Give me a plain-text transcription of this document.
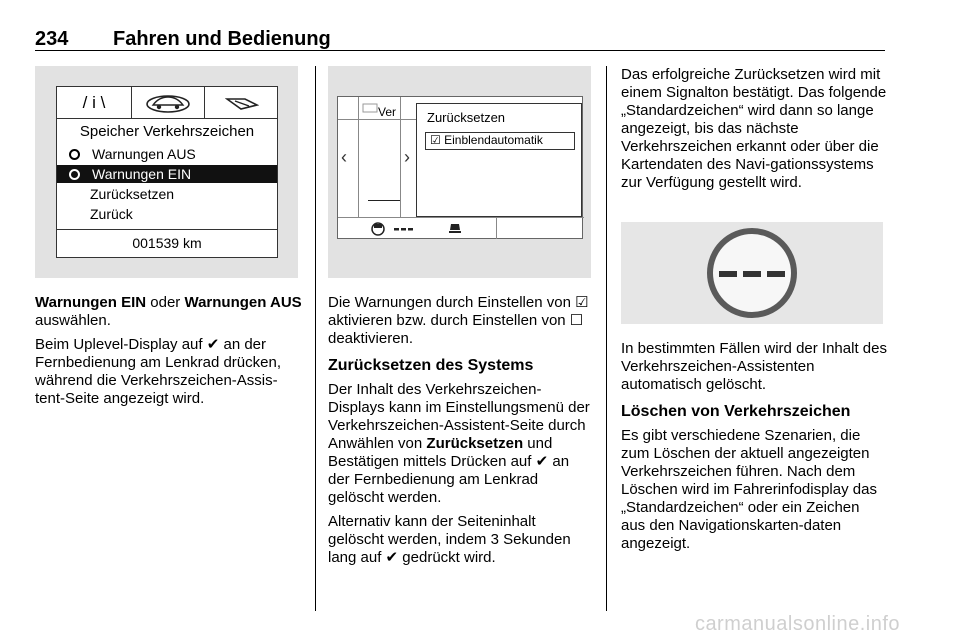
234 Fahren und Bedienung
/ i \
Speicher Verkehrszeichen
Warnungen AUS
Warnungen EIN
Zurücksetzen
Zurück
001539 km
Ver
‹	›
Zurücksetzen
☑ Einblendautomatik

Warnungen EIN oder Warnungen AUS auswählen.

Beim Uplevel-Display auf ✔ an der Fernbedienung am Lenkrad drücken, während die Verkehrszeichen-Assis-tent-Seite angezeigt wird.

Die Warnungen durch Einstellen von ☑ aktivieren bzw. durch Einstellen von ☐ deaktivieren.

Zurücksetzen des Systems

Der Inhalt des Verkehrszeichen-Displays kann im Einstellungsmenü der Verkehrszeichen-Assistent-Seite durch Anwählen von Zurücksetzen und Bestätigen mittels Drücken auf ✔ an der Fernbedienung am Lenkrad gelöscht werden.

Alternativ kann der Seiteninhalt gelöscht werden, indem 3 Sekunden lang auf ✔ gedrückt wird.

Das erfolgreiche Zurücksetzen wird mit einem Signalton bestätigt. Das folgende „Standardzeichen“ wird dann so lange angezeigt, bis das nächste Verkehrszeichen erkannt oder über die Kartendaten des Navi-gationssystems zur Verfügung gestellt wird.

In bestimmten Fällen wird der Inhalt des Verkehrszeichen-Assistenten automatisch gelöscht.

Löschen von Verkehrszeichen

Es gibt verschiedene Szenarien, die zum Löschen der aktuell angezeigten Verkehrszeichen führen. Nach dem Löschen wird im Fahrerinfodisplay das „Standardzeichen“ oder ein Zeichen aus den Navigationskarten-daten angezeigt.

carmanualsonline.info
